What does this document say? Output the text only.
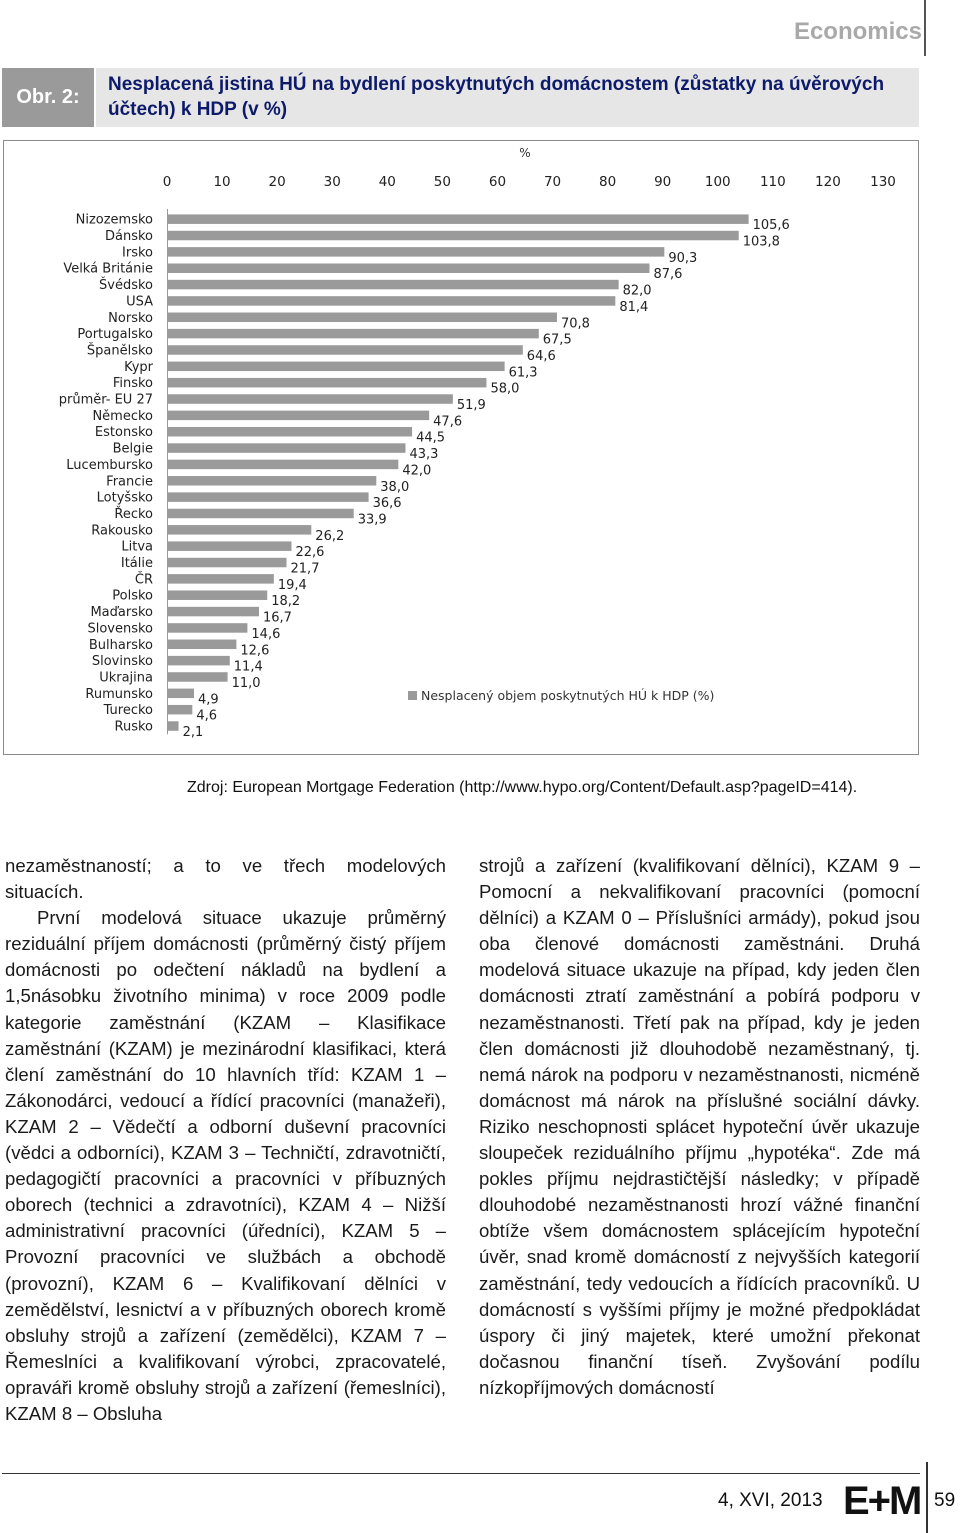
Economics
Obr. 2:
Nesplacená jistina HÚ na bydlení poskytnutých domácnostem (zůstatky na úvěrových účtech) k HDP (v %)
%
0	10	20	30	40	50	60	70	80	90 100 110 120 130
Nizozemsko
Dánsko
Irsko
Velká Británie
Švédsko
USA
Norsko
Portugalsko
Španělsko
Kypr
Finsko
průměr- EU 27
Německo
Estonsko
Belgie
Lucembursko
Francie
Lotyšsko
Řecko
Rakousko
Litva
Itálie
ČR
Polsko
Maďarsko
Slovensko
Bulharsko
Slovinsko
Ukrajina
Rumunsko
Turecko
Rusko
105,6
103,8
90,3
87,6
82,0
81,4
70,8
67,5
64,6
61,3
58,0
51,9
47,6
44,5
43,3
42,0
38,0
36,6
33,9
26,2
22,6
21,7
19,4
18,2
16,7
14,6
12,6
11,4
11,0
4,9
4,6
2,1
Nesplacený objem poskytnutých HÚ k HDP (%)
Zdroj: European Mortgage Federation (http://www.hypo.org/Content/Default.asp?pageID=414).

nezaměstnaností; a to ve třech modelových situacích.

První modelová situace ukazuje průměrný reziduální příjem domácnosti (průměrný čistý příjem domácnosti po odečtení nákladů na bydlení a 1,5násobku životního minima) v roce 2009 podle kategorie zaměstnání (KZAM – Klasifikace zaměstnání (KZAM) je mezinárodní klasifikaci, která člení zaměstnání do 10 hlavních tříd: KZAM 1 – Zákonodárci, vedoucí a řídící pracovníci (manažeři), KZAM 2 – Vědečtí a odborní duševní pracovníci (vědci a odborníci), KZAM 3 – Techničtí, zdravotničtí, pedagogičtí pracovníci a pracovníci v příbuzných oborech (technici a zdravotníci), KZAM 4 – Nižší administrativní pracovníci (úředníci), KZAM 5 – Provozní pracovníci ve službách a obchodě (provozní), KZAM 6 – Kvalifikovaní dělníci v zemědělství, lesnictví a v příbuzných oborech kromě obsluhy strojů a zařízení (zemědělci), KZAM 7 – Řemeslníci a kvalifikovaní výrobci, zpracovatelé, opraváři kromě obsluhy strojů a zařízení (řemeslníci), KZAM 8 – Obsluha

strojů a zařízení (kvalifikovaní dělníci), KZAM 9 – Pomocní a nekvalifikovaní pracovníci (pomocní dělníci) a KZAM 0 – Příslušníci armády), pokud jsou oba členové domácnosti zaměstnáni. Druhá modelová situace ukazuje na případ, kdy jeden člen domácnosti ztratí zaměstnání a pobírá podporu v nezaměstnanosti. Třetí pak na případ, kdy je jeden člen domácnosti již dlouhodobě nezaměstnaný, tj. nemá nárok na podporu v nezaměstnanosti, nicméně domácnost má nárok na příslušné sociální dávky. Riziko neschopnosti splácet hypoteční úvěr ukazuje sloupeček reziduálního příjmu „hypotéka“. Zde má pokles příjmu nejdrastičtější následky; v případě dlouhodobé nezaměstnanosti hrozí vážné finanční obtíže všem domácnostem splácejícím hypoteční úvěr, snad kromě domácností z nejvyšších kategorií zaměstnání, tedy vedoucích a řídících pracovníků. U domácností s vyššími příjmy je možné předpokládat úspory či jiný majetek, které umožní překonat dočasnou finanční tíseň. Zvyšování podílu nízkopříjmových domácností

4, XVI, 2013 E+M 59
